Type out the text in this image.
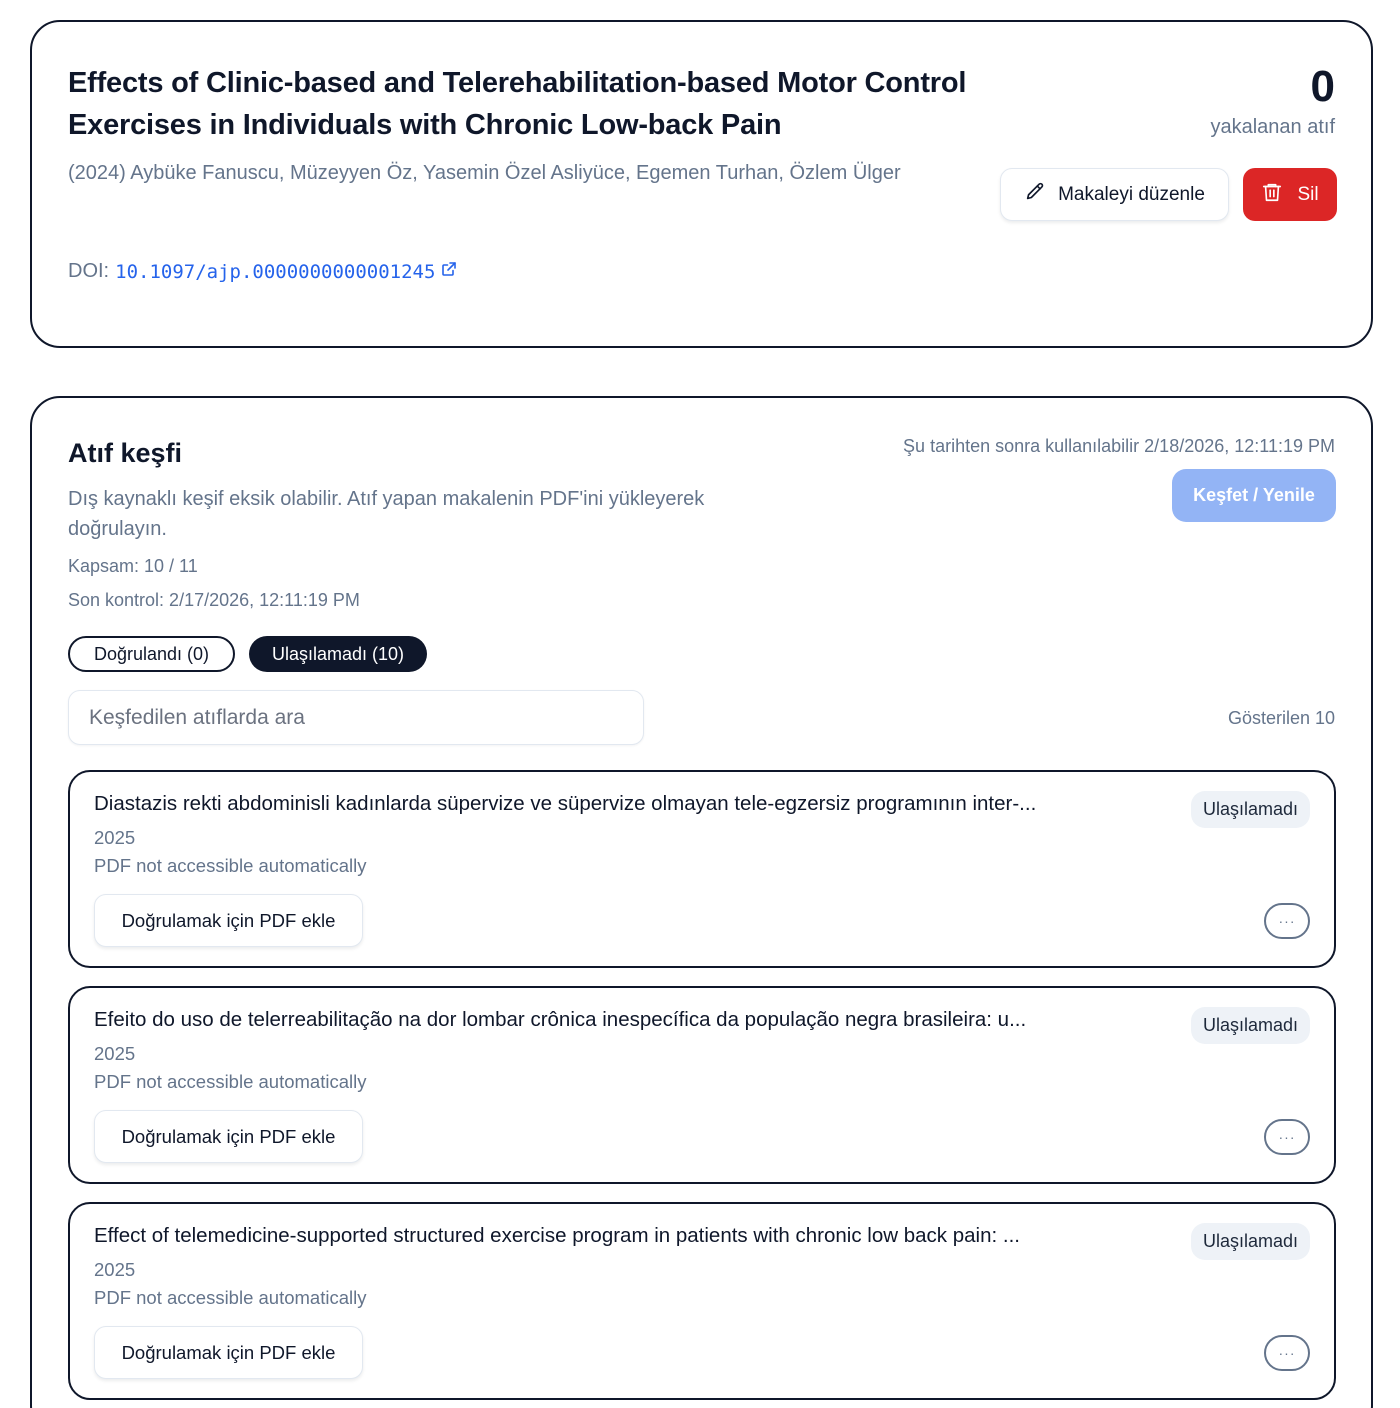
Effects of Clinic-based and Telerehabilitation-based Motor Control Exercises in Individuals with Chronic Low-back Pain
(2024) Aybüke Fanuscu, Müzeyyen Öz, Yasemin Özel Asliyüce, Egemen Turhan, Özlem Ülger
DOI: 10.1097/ajp.0000000000001245
0
yakalanan atıf
Makaleyi düzenle	Sil
Atıf keşfi
Dış kaynaklı keşif eksik olabilir. Atıf yapan makalenin PDF'ini yükleyerek doğrulayın.
Kapsam: 10 / 11
Son kontrol: 2/17/2026, 12:11:19 PM
Şu tarihten sonra kullanılabilir 2/18/2026, 12:11:19 PM
Keşfet / Yenile
Doğrulandı (0)	Ulaşılamadı (10)
Keşfedilen atıflarda ara
Gösterilen 10
Diastazis rekti abdominisli kadınlarda süpervize ve süpervize olmayan tele-egzersiz programının inter-...	Ulaşılamadı
2025
PDF not accessible automatically
Doğrulamak için PDF ekle	···
Efeito do uso de telerreabilitação na dor lombar crônica inespecífica da população negra brasileira: u...	Ulaşılamadı
2025
PDF not accessible automatically
Doğrulamak için PDF ekle	···
Effect of telemedicine-supported structured exercise program in patients with chronic low back pain: ...	Ulaşılamadı
2025
PDF not accessible automatically
Doğrulamak için PDF ekle	···
